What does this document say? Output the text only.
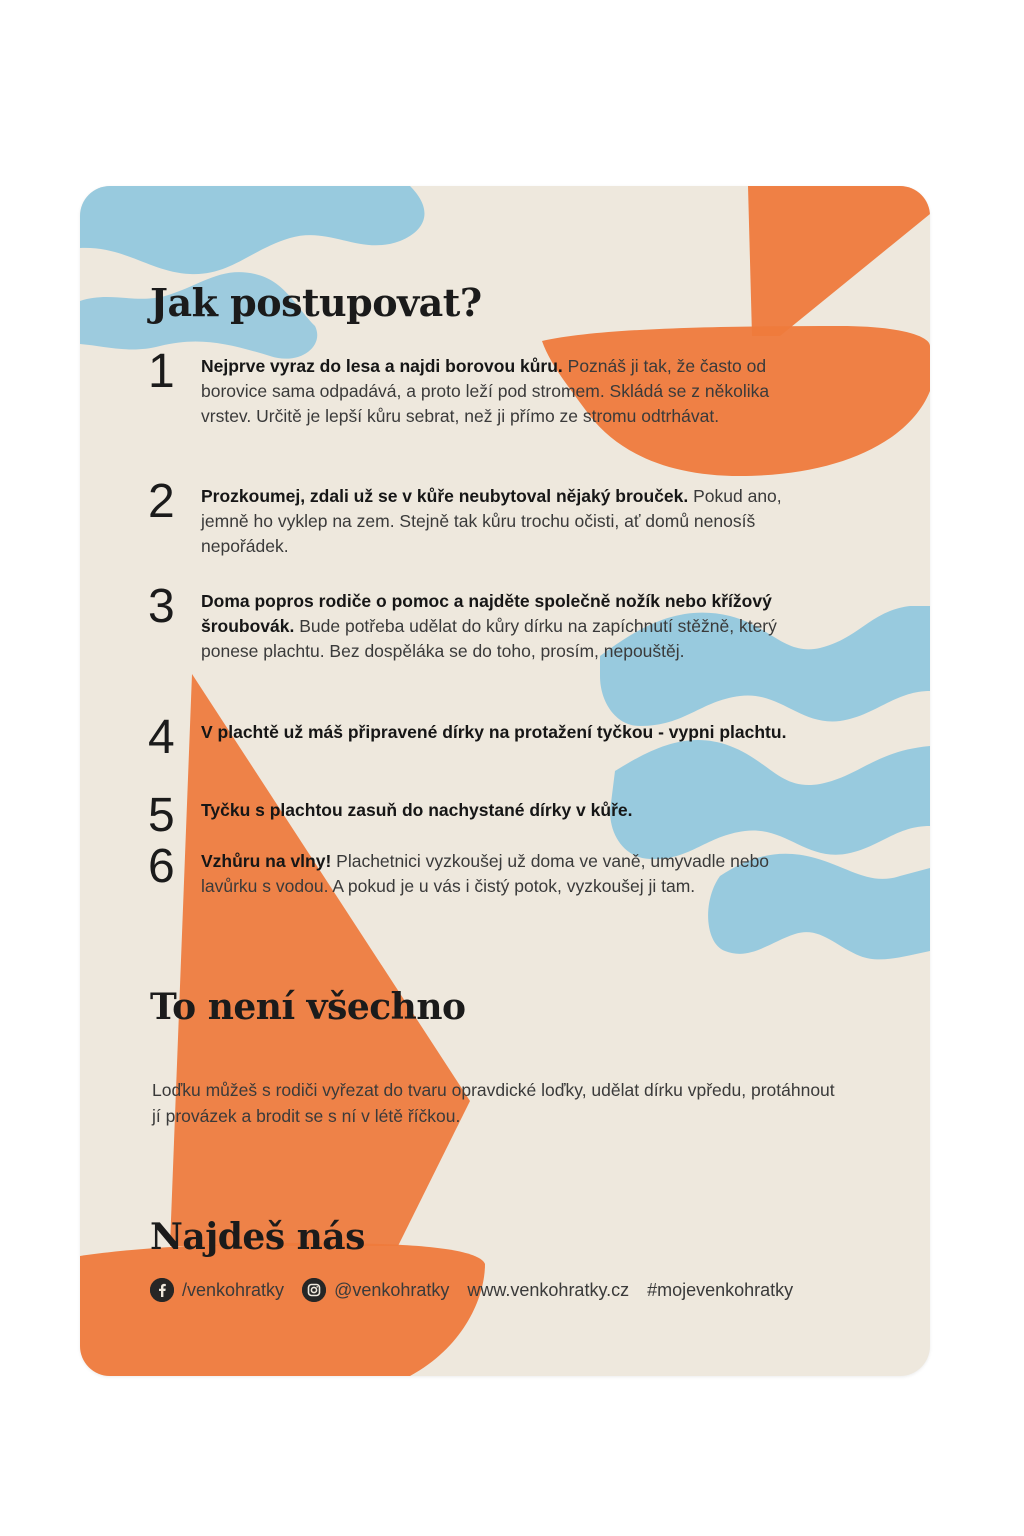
Jak postupovat?
1 Nejprve vyraz do lesa a najdi borovou kůru. Poznáš ji tak, že často od borovice sama odpadává, a proto leží pod stromem. Skládá se z několika vrstev. Určitě je lepší kůru sebrat, než ji přímo ze stromu odtrhávat.
2 Prozkoumej, zdali už se v kůře neubytoval nějaký brouček. Pokud ano, jemně ho vyklep na zem. Stejně tak kůru trochu očisti, ať domů nenosíš nepořádek.
3 Doma popros rodiče o pomoc a najděte společně nožík nebo křížový šroubovák. Bude potřeba udělat do kůry dírku na zapíchnutí stěžně, který ponese plachtu. Bez dospěláka se do toho, prosím, nepouštěj.
4 V plachtě už máš připravené dírky na protažení tyčkou - vypni plachtu.
5 Tyčku s plachtou zasuň do nachystané dírky v kůře.
6 Vzhůru na vlny! Plachetnici vyzkoušej už doma ve vaně, umyvadle nebo lavůrku s vodou. A pokud je u vás i čistý potok, vyzkoušej ji tam.
To není všechno

Loďku můžeš s rodiči vyřezat do tvaru opravdické loďky, udělat dírku vpředu, protáhnout jí provázek a brodit se s ní v létě říčkou.

Najdeš nás
/venkohratky	@venkohratky www.venkohratky.cz #mojevenkohratky
